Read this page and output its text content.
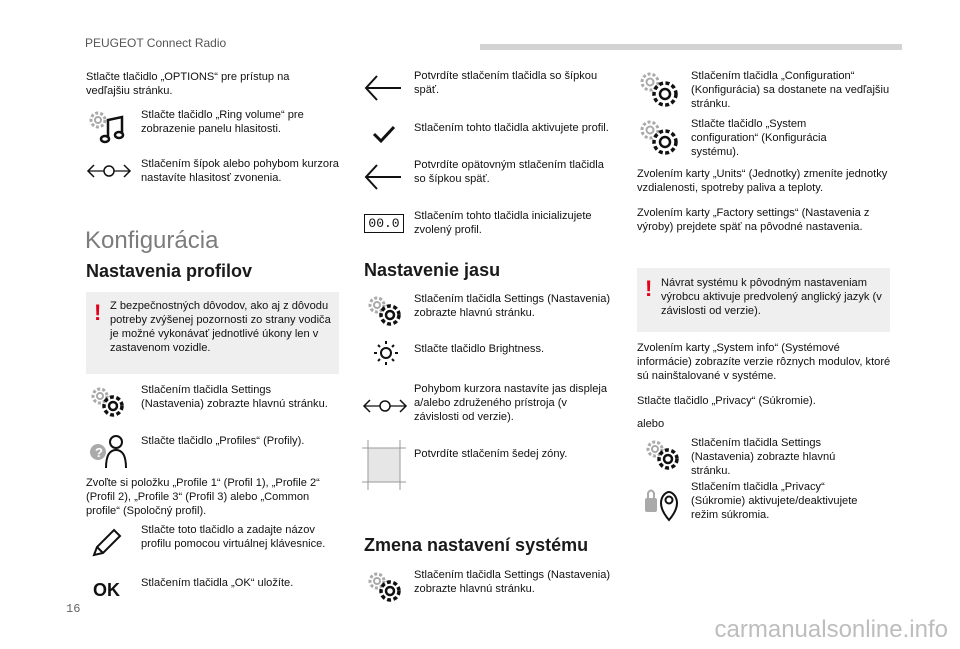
PEUGEOT Connect Radio

Stlačte tlačidlo „OPTIONS“ pre prístup na vedľajšiu stránku.

Stlačte tlačidlo „Ring volume“ pre zobrazenie panelu hlasitosti.

Stlačením šípok alebo pohybom kurzora nastavíte hlasitosť zvonenia.

Konfigurácia
Nastavenia profilov
! Z bezpečnostných dôvodov, ako aj z dôvodu potreby zvýšenej pozornosti zo strany vodiča je možné vykonávať jednotlivé úkony len v zastavenom vozidle.

Stlačením tlačidla Settings (Nastavenia) zobrazte hlavnú stránku.

?

Stlačte tlačidlo „Profiles“ (Profily).

Zvoľte si položku „Profile 1“ (Profil 1), „Profile 2“ (Profil 2), „Profile 3“ (Profil 3) alebo „Common profile“ (Spoločný profil).

Stlačte toto tlačidlo a zadajte názov profilu pomocou virtuálnej klávesnice.

OK Stlačením tlačidla „OK“ uložíte.

Potvrdíte stlačením tlačidla so šípkou späť.

Stlačením tohto tlačidla aktivujete profil.

Potvrdíte opätovným stlačením tlačidla so šípkou späť.

00.0	Stlačením tohto tlačidla inicializujete zvolený profil.

Nastavenie jasu

Stlačením tlačidla Settings (Nastavenia) zobrazte hlavnú stránku.

Stlačte tlačidlo Brightness.

Pohybom kurzora nastavíte jas displeja a/alebo združeného prístroja (v závislosti od verzie).

Potvrdíte stlačením šedej zóny.

Zmena nastavení systému

Stlačením tlačidla Settings (Nastavenia) zobrazte hlavnú stránku.

Stlačením tlačidla „Configuration“ (Konfigurácia) sa dostanete na vedľajšiu stránku.

Stlačte tlačidlo „System configuration“ (Konfigurácia systému).

Zvolením karty „Units“ (Jednotky) zmeníte jednotky vzdialenosti, spotreby paliva a teploty.

Zvolením karty „Factory settings“ (Nastavenia z výroby) prejdete späť na pôvodné nastavenia.

! Návrat systému k pôvodným nastaveniam výrobcu aktivuje predvolený anglický jazyk (v závislosti od verzie).

Zvolením karty „System info“ (Systémové informácie) zobrazíte verzie rôznych modulov, ktoré sú nainštalované v systéme.

Stlačte tlačidlo „Privacy“ (Súkromie).

alebo

Stlačením tlačidla Settings (Nastavenia) zobrazte hlavnú stránku.

Stlačením tlačidla „Privacy“ (Súkromie) aktivujete/deaktivujete režim súkromia.

16
carmanualsonline.info
